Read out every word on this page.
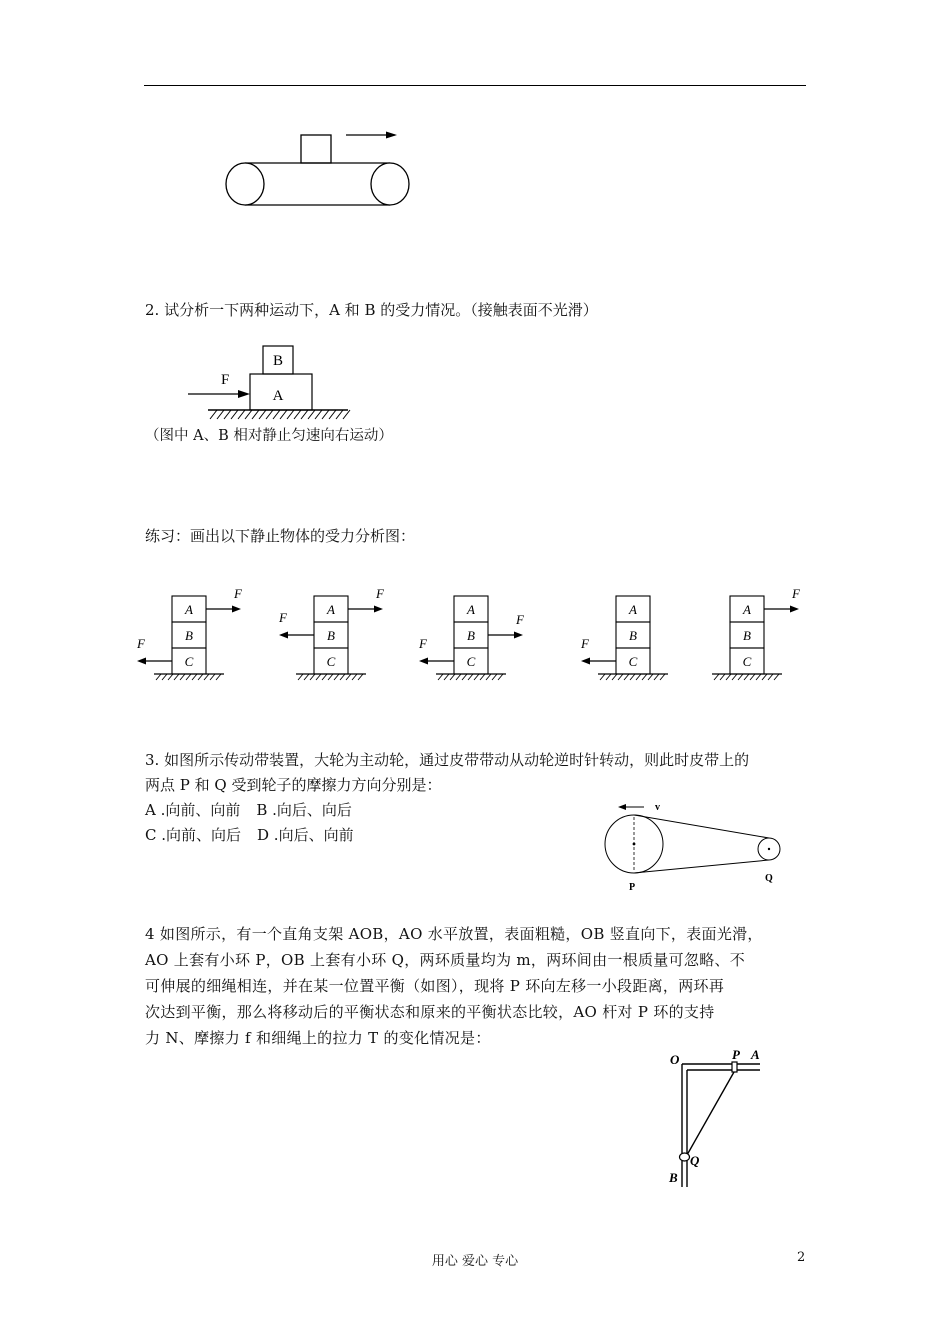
2. 试分析一下两种运动下，A 和 B 的受力情况。（接触表面不光滑）
B
A
F
（图中 A、B 相对静止匀速向右运动）
练习：画出以下静止物体的受力分析图：
A
B
C
F
F
A
B
C
F
F
A
B
C
F
F
A
B
C
F
A
B
C
F
3. 如图所示传动带装置，大轮为主动轮，通过皮带带动从动轮逆时针转动，则此时皮带上的
两点 P 和 Q 受到轮子的摩擦力方向分别是：
A .向前、向前 B .向后、向后
C .向前、向后 D .向后、向前
v
P
Q
4 如图所示，有一个直角支架 AOB，AO 水平放置，表面粗糙，OB 竖直向下，表面光滑，
AO 上套有小环 P，OB 上套有小环 Q，两环质量均为 m，两环间由一根质量可忽略、不
可伸展的细绳相连，并在某一位置平衡（如图），现将 P 环向左移一小段距离，两环再
次达到平衡，那么将移动后的平衡状态和原来的平衡状态比较，AO 杆对 P 环的支持
力 N、摩擦力 f 和细绳上的拉力 T 的变化情况是：
O	P A
Q
B
用心 爱心 专心	2
